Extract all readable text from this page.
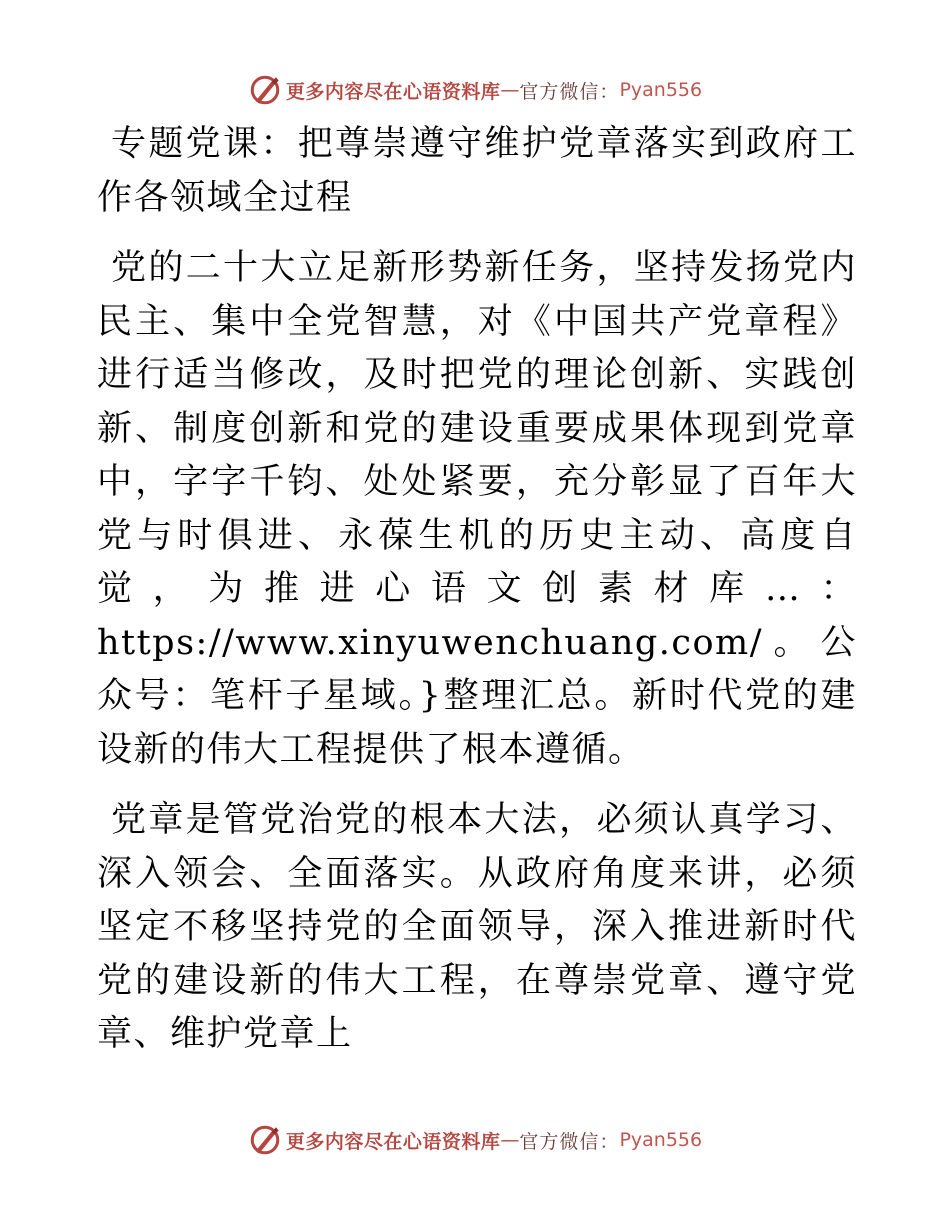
更多内容尽在心语资料库 — 官方微信： Pyan556

专题党课：把尊崇遵守维护党章落实到政府工作各领域全过程

党的二十大立足新形势新任务，坚持发扬党内民主、集中全党智慧，对《中国共产党章程》进行适当修改，及时把党的理论创新、实践创新、制度创新和党的建设重要成果体现到党章中，字字千钧、处处紧要，充分彰显了百年大党与时俱进、永葆生机的历史主动、高度自觉，为推进心语文创素材库…：https://www.xinyuwenchuang.com/。公众号：笔杆子星域。}整理汇总。新时代党的建设新的伟大工程提供了根本遵循。

党章是管党治党的根本大法，必须认真学习、深入领会、全面落实。从政府角度来讲，必须坚定不移坚持党的全面领导，深入推进新时代党的建设新的伟大工程，在尊崇党章、遵守党章、维护党章上

更多内容尽在心语资料库 — 官方微信： Pyan556
